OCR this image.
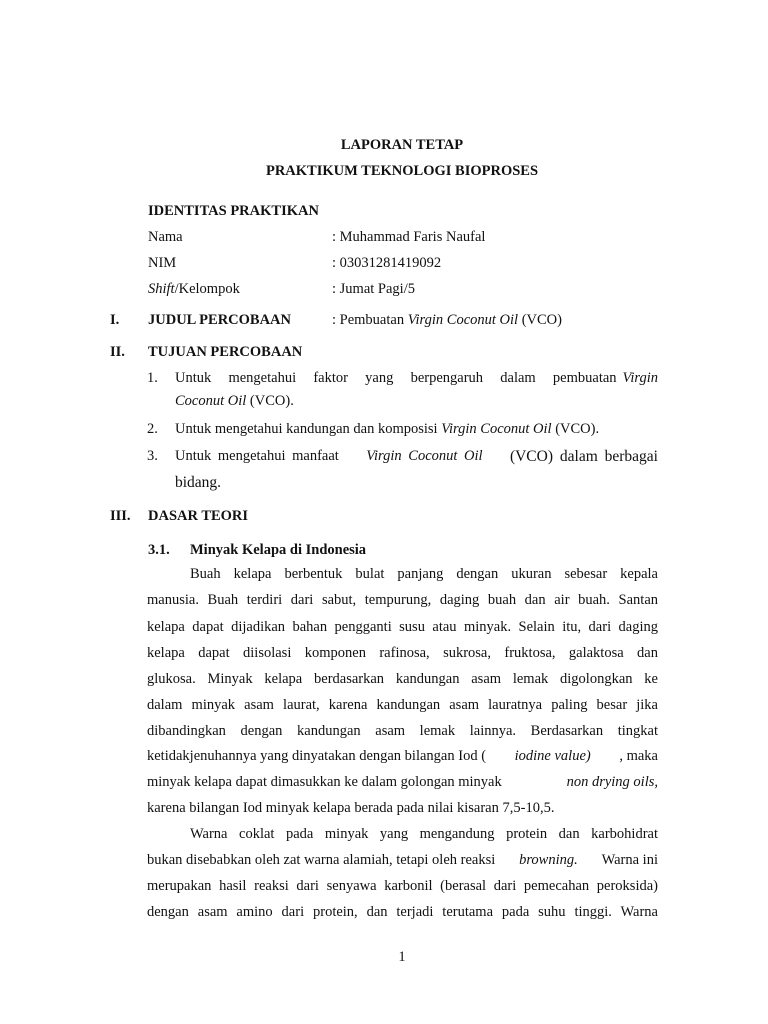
LAPORAN TETAP
PRAKTIKUM TEKNOLOGI BIOPROSES
IDENTITAS PRAKTIKAN
Nama	: Muhammad Faris Naufal
NIM	: 03031281419092
Shift/Kelompok	: Jumat Pagi/5
I. JUDUL PERCOBAAN	: Pembuatan Virgin Coconut Oil (VCO)
II. TUJUAN PERCOBAAN
1. Untuk mengetahui faktor yang berpengaruh dalam pembuatan Virgin
Coconut Oil (VCO).
2. Untuk mengetahui kandungan dan komposisi Virgin Coconut Oil (VCO).
3. Untuk mengetahui manfaat Virgin Coconut Oil (VCO) dalam berbagai
bidang.
III. DASAR TEORI
3.1. Minyak Kelapa di Indonesia
Buah kelapa berbentuk bulat panjang dengan ukuran sebesar kepala
manusia. Buah terdiri dari sabut, tempurung, daging buah dan air buah. Santan
kelapa dapat dijadikan bahan pengganti susu atau minyak. Selain itu, dari daging
kelapa dapat diisolasi komponen rafinosa, sukrosa, fruktosa, galaktosa dan
glukosa. Minyak kelapa berdasarkan kandungan asam lemak digolongkan ke
dalam minyak asam laurat, karena kandungan asam lauratnya paling besar jika
dibandingkan dengan kandungan asam lemak lainnya. Berdasarkan tingkat
ketidakjenuhannya yang dinyatakan dengan bilangan Iod ( iodine value) , maka
minyak kelapa dapat dimasukkan ke dalam golongan minyak	non drying oils,
karena bilangan Iod minyak kelapa berada pada nilai kisaran 7,5-10,5.
Warna coklat pada minyak yang mengandung protein dan karbohidrat
bukan disebabkan oleh zat warna alamiah, tetapi oleh reaksi browning. Warna ini
merupakan hasil reaksi dari senyawa karbonil (berasal dari pemecahan peroksida)
dengan asam amino dari protein, dan terjadi terutama pada suhu tinggi. Warna
1
